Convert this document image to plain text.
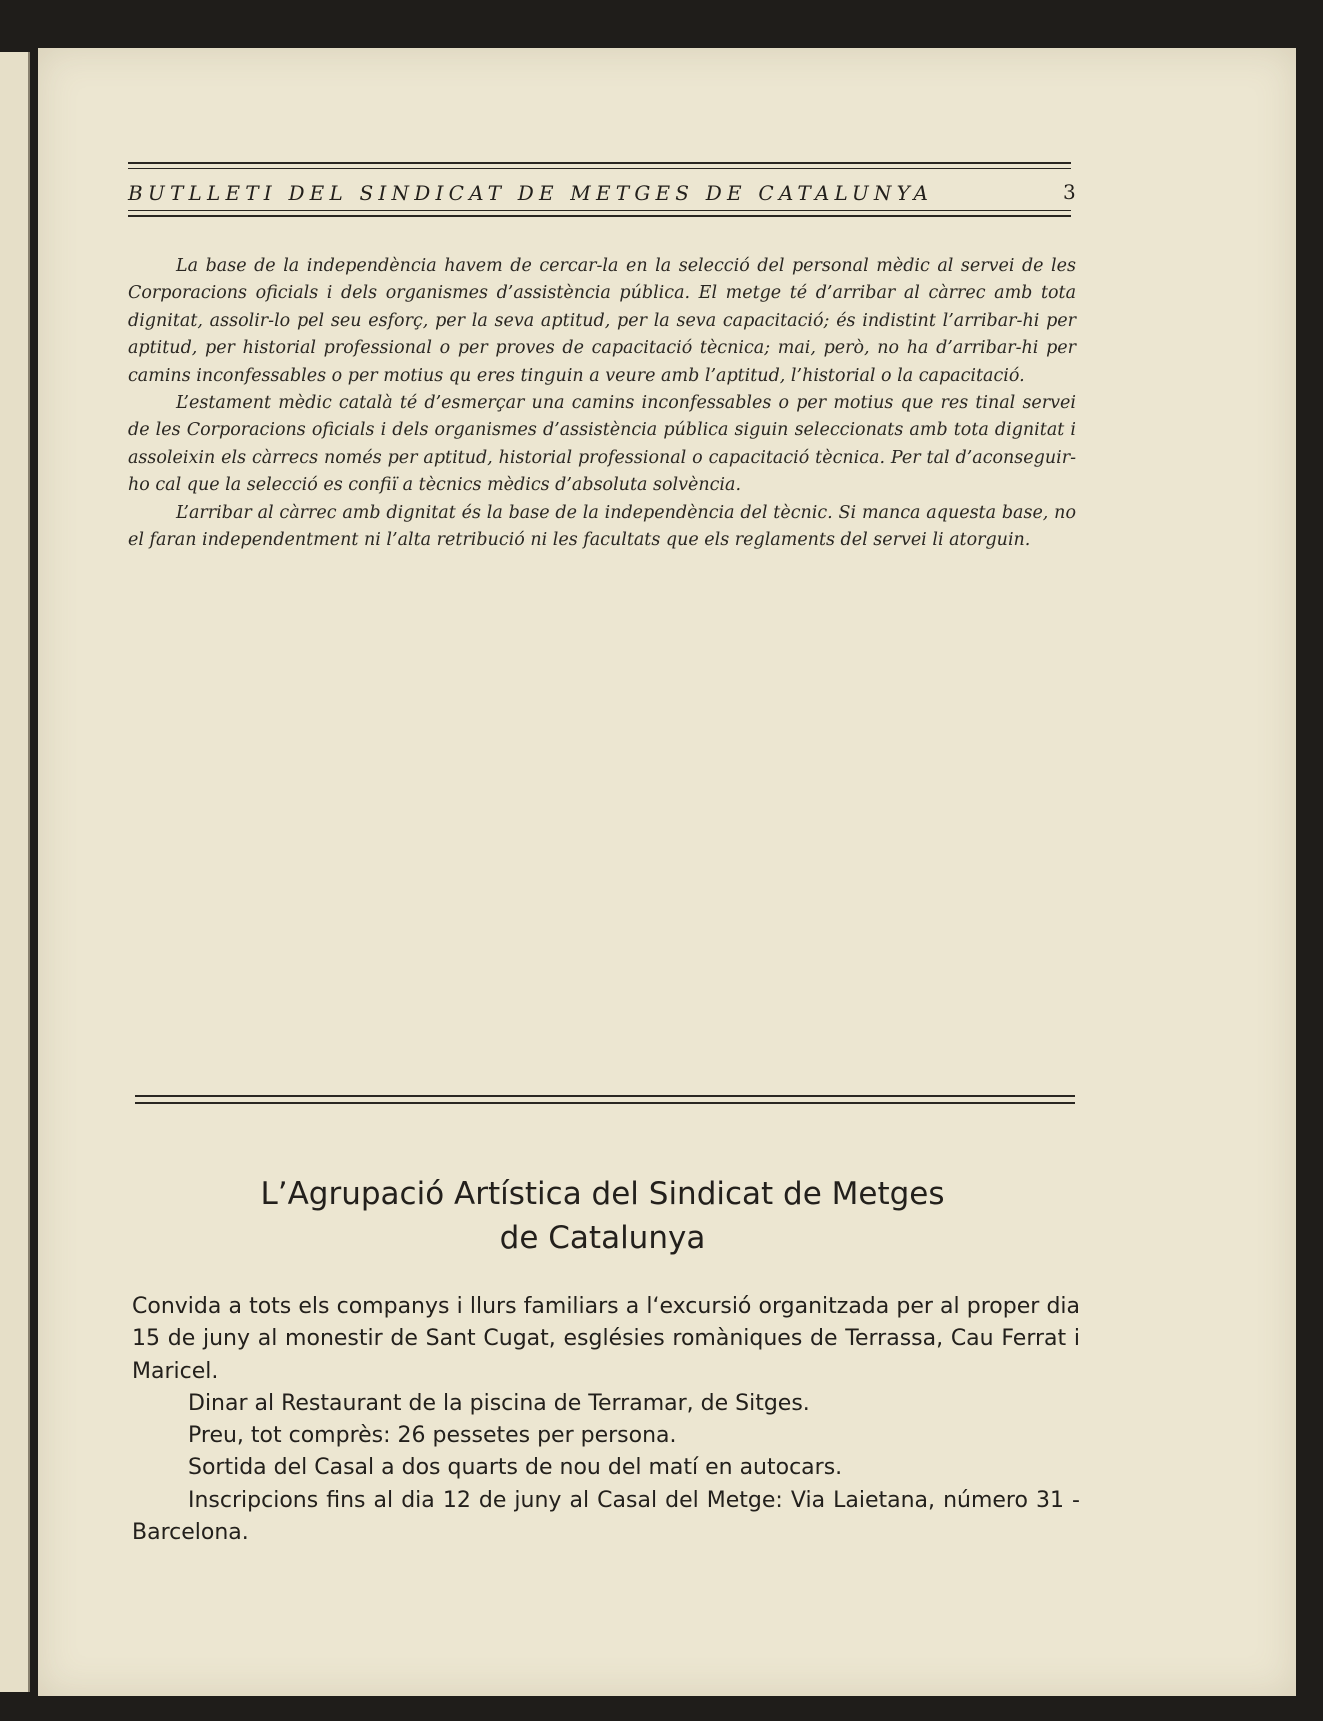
BUTLLETI DEL SINDICAT DE METGES DE CATALUNYA	3

La base de la independència havem de cercar-la en la selecció del personal mèdic al servei de les Corporacions oficials i dels organismes d’assistència pública. El metge té d’arribar al càrrec amb tota dignitat, assolir-lo pel seu esforç, per la seva aptitud, per la seva capacitació; és indistint l’arribar-hi per aptitud, per historial professional o per proves de capacitació tècnica; mai, però, no ha d’arribar-hi per camins inconfessables o per motius qu eres tinguin a veure amb l’aptitud, l’historial o la capacitació.

L’estament mèdic català té d’esmerçar una camins inconfessables o per motius que res tinal servei de les Corporacions oficials i dels organismes d’assistència pública siguin seleccionats amb tota dignitat i assoleixin els càrrecs només per aptitud, historial professional o capacitació tècnica. Per tal d’aconseguir-ho cal que la selecció es confiï a tècnics mèdics d’absoluta solvència.

L’arribar al càrrec amb dignitat és la base de la independència del tècnic. Si manca aquesta base, no el faran independentment ni l’alta retribució ni les facultats que els reglaments del servei li atorguin.

L’Agrupació Artística del Sindicat de Metges
de Catalunya

Convida a tots els companys i llurs familiars a l‘excursió organitzada per al proper dia 15 de juny al monestir de Sant Cugat, esglésies romàniques de Terrassa, Cau Ferrat i Maricel.

Dinar al Restaurant de la piscina de Terramar, de Sitges.

Preu, tot comprès: 26 pessetes per persona.

Sortida del Casal a dos quarts de nou del matí en autocars.

Inscripcions fins al dia 12 de juny al Casal del Metge: Via Laietana, número 31 - Barcelona.
